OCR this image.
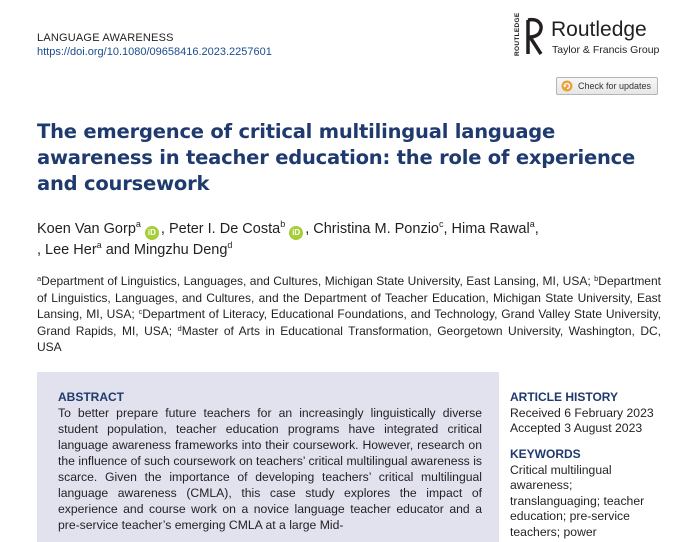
LANGUAGE AWARENESS
https://doi.org/10.1080/09658416.2023.2257601	ROUTLEDGE Routledge
Taylor & Francis Group
Check for updates
The emergence of critical multilingual language awareness in teacher education: the role of experience and coursework
Koen Van Gorp$^a$iD , Peter I. De Costa$^b$iD , Christina M. Ponzio$^c$, Hima Rawal$^a$,
, Lee Her$^a$ and Mingzhu Deng$^d$
$^a$Department of Linguistics, Languages, and Cultures, Michigan State University, East Lansing, MI, USA; $^b$Department of Linguistics, Languages, and Cultures, and the Department of Teacher Education, Michigan State University, East Lansing, MI, USA; $^c$Department of Literacy, Educational Foundations, and Technology, Grand Valley State University, Grand Rapids, MI, USA; $^d$Master of Arts in Educational Transformation, Georgetown University, Washington, DC, USA
ABSTRACT
To better prepare future teachers for an increasingly linguistically diverse student population, teacher education programs have integrated critical language awareness frameworks into their coursework. However, research on the influence of such coursework on teachers’ critical multilingual awareness is scarce. Given the importance of developing teachers’ critical multilingual language awareness (CMLA), this case study explores the impact of experience and course work on a novice language teacher educator and a pre-service teacher’s emerging CMLA at a large Mid-
ARTICLE HISTORY
Received 6 February 2023
Accepted 3 August 2023
KEYWORDS
Critical multilingual awareness; translanguaging; teacher education; pre-service teachers; power
